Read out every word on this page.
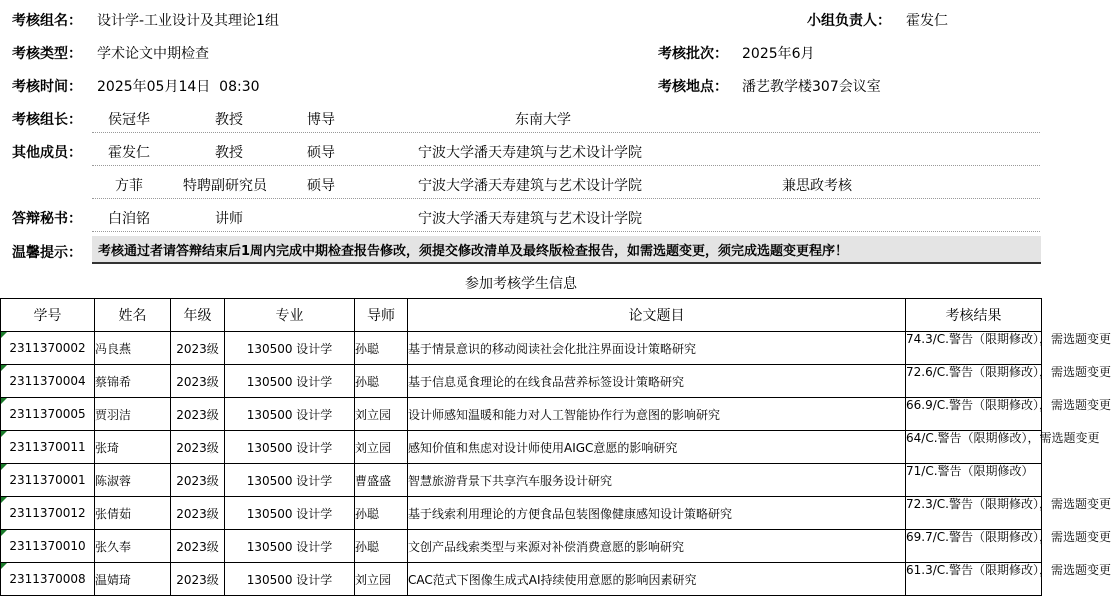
考核组名： 设计学-工业设计及其理论1组	小组负责人： 霍发仁
考核类型： 学术论文中期检查	考核批次： 2025年6月
考核时间： 2025年05月14日  08:30	考核地点： 潘艺教学楼307会议室
考核组长： 侯冠华	教授	博导	东南大学
其他成员： 霍发仁	教授	硕导	宁波大学潘天寿建筑与艺术设计学院
方菲	特聘副研究员	硕导	宁波大学潘天寿建筑与艺术设计学院	兼思政考核
答辩秘书： 白洎铭	讲师	宁波大学潘天寿建筑与艺术设计学院
温馨提示： 考核通过者请答辩结束后1周内完成中期检查报告修改，须提交修改清单及最终版检查报告，如需选题变更，须完成选题变更程序！
参加考核学生信息
学号	姓名	年级	专业	导师	论文题目	考核结果

2311370002	冯良燕	2023级	130500 设计学	孙聪	基于情景意识的移动阅读社会化批注界面设计策略研究	74.3/C.警告（限期修改），需选题变更

2311370004	蔡锦希	2023级	130500 设计学	孙聪	基于信息觅食理论的在线食品营养标签设计策略研究	72.6/C.警告（限期修改），需选题变更

2311370005	贾羽洁	2023级	130500 设计学	刘立园	设计师感知温暖和能力对人工智能协作行为意图的影响研究	66.9/C.警告（限期修改），需选题变更

2311370011	张琦	2023级	130500 设计学	刘立园	感知价值和焦虑对设计师使用AIGC意愿的影响研究	64/C.警告（限期修改），需选题变更

2311370001	陈淑蓉	2023级	130500 设计学	曹盛盛	智慧旅游背景下共享汽车服务设计研究	71/C.警告（限期修改）

2311370012	张倩茹	2023级	130500 设计学	孙聪	基于线索利用理论的方便食品包装图像健康感知设计策略研究	72.3/C.警告（限期修改），需选题变更

2311370010	张久奉	2023级	130500 设计学	孙聪	文创产品线索类型与来源对补偿消费意愿的影响研究	69.7/C.警告（限期修改），需选题变更

2311370008	温婧琦	2023级	130500 设计学	刘立园	CAC范式下图像生成式AI持续使用意愿的影响因素研究	61.3/C.警告（限期修改），需选题变更
